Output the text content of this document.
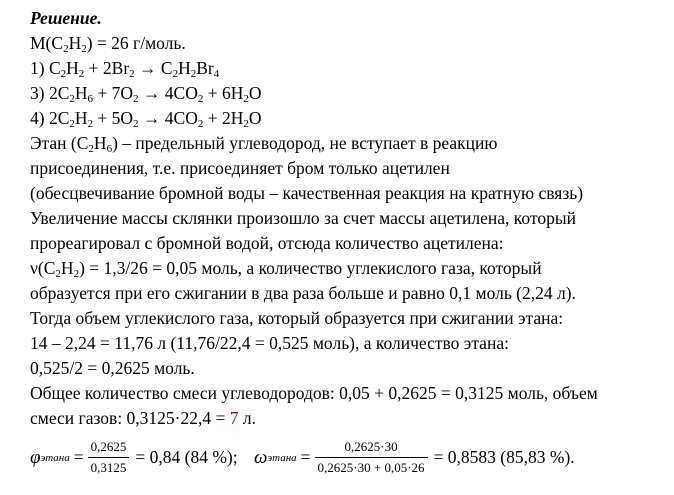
Решение.
$M(C_2H_2) = 26$ г/моль.
1) $C_2H_2 + 2Br_2 \to C_2H_2Br_4$
3) $2C_2H_6 + 7O_2 \to 4CO_2 + 6H_2O$
4) $2C_2H_2 + 5O_2 \to 4CO_2 + 2H_2O$
Этан $(C_2H_6)$ – предельный углеводород, не вступает в реакцию
присоединения, т.е. присоединяет бром только ацетилен
(обесцвечивание бромной воды – качественная реакция на кратную связь)
Увеличение массы склянки произошло за счет массы ацетилена, который
прореагировал с бромной водой, отсюда количество ацетилена:
$\nu(C_2H_2) = 1,3/26 = 0,05$ моль, а количество углекислого газа, который
образуется при его сжигании в два раза больше и равно 0,1 моль (2,24 л).
Тогда объем углекислого газа, который образуется при сжигании этана:
14 – 2,24 = 11,76 л (11,76/22,4 = 0,525 моль), а количество этана:
0,525/2 = 0,2625 моль.
Общее количество смеси углеводородов: 0,05 + 0,2625 = 0,3125 моль, объем
смеси газов: 0,3125·22,4 = 7 л.
φ этана = $\frac{0,2625}{0,3125} = 0,84$ (84 %); ω этана = $\frac{0,2625\cdot 30}{0,2625\cdot 30 + 0,05\cdot 26} = 0,8583$ (85,83 %).
